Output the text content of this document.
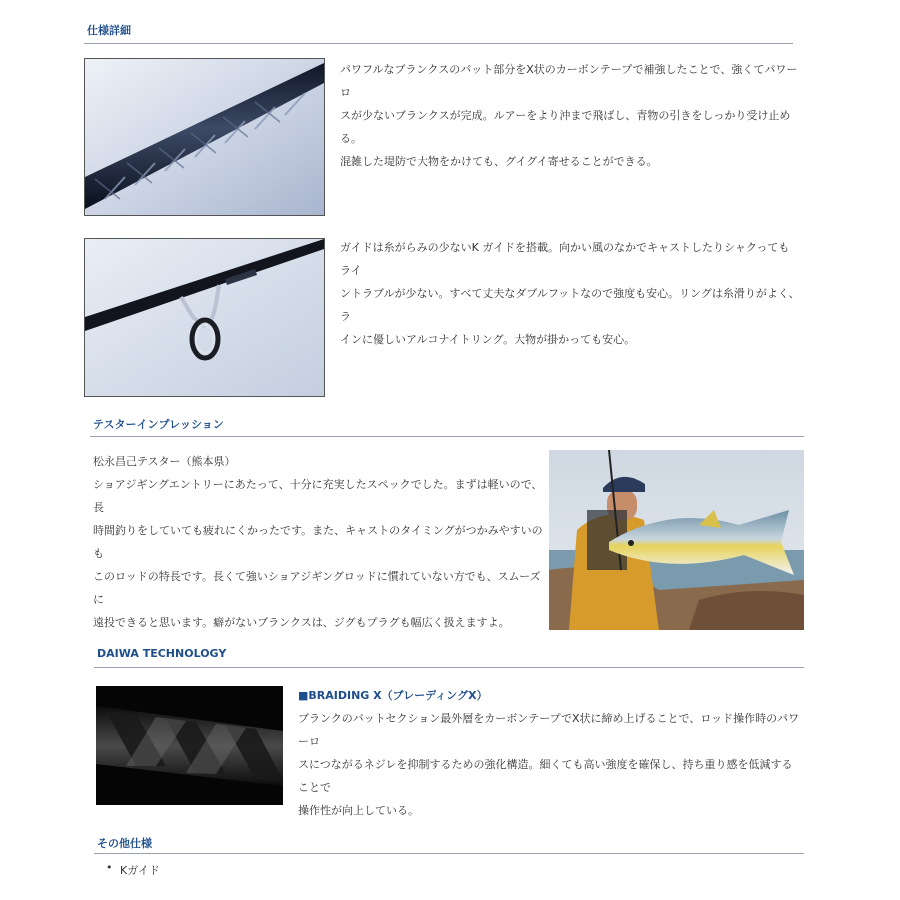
仕様詳細
パワフルなブランクスのバット部分をX状のカーボンテープで補強したことで、強くてパワーロ
スが少ないブランクスが完成。ルアーをより沖まで飛ばし、青物の引きをしっかり受け止める。
混雑した堤防で大物をかけても、グイグイ寄せることができる。
ガイドは糸がらみの少ないK ガイドを搭載。向かい風のなかでキャストしたりシャクってもライ
ントラブルが少ない。すべて丈夫なダブルフットなので強度も安心。リングは糸滑りがよく、ラ
インに優しいアルコナイトリング。大物が掛かっても安心。
テスターインプレッション
松永昌己テスター（熊本県）
ショアジギングエントリーにあたって、十分に充実したスペックでした。まずは軽いので、長
時間釣りをしていても疲れにくかったです。また、キャストのタイミングがつかみやすいのも
このロッドの特長です。長くて強いショアジギングロッドに慣れていない方でも、スムーズに
遠投できると思います。癖がないブランクスは、ジグもプラグも幅広く扱えますよ。
DAIWA TECHNOLOGY
■BRAIDING X（ブレーディングX）
ブランクのバットセクション最外層をカーボンテープでX状に締め上げることで、ロッド操作時のパワーロ
スにつながるネジレを抑制するための強化構造。細くても高い強度を確保し、持ち重り感を低減することで
操作性が向上している。
その他仕様
• Kガイド
